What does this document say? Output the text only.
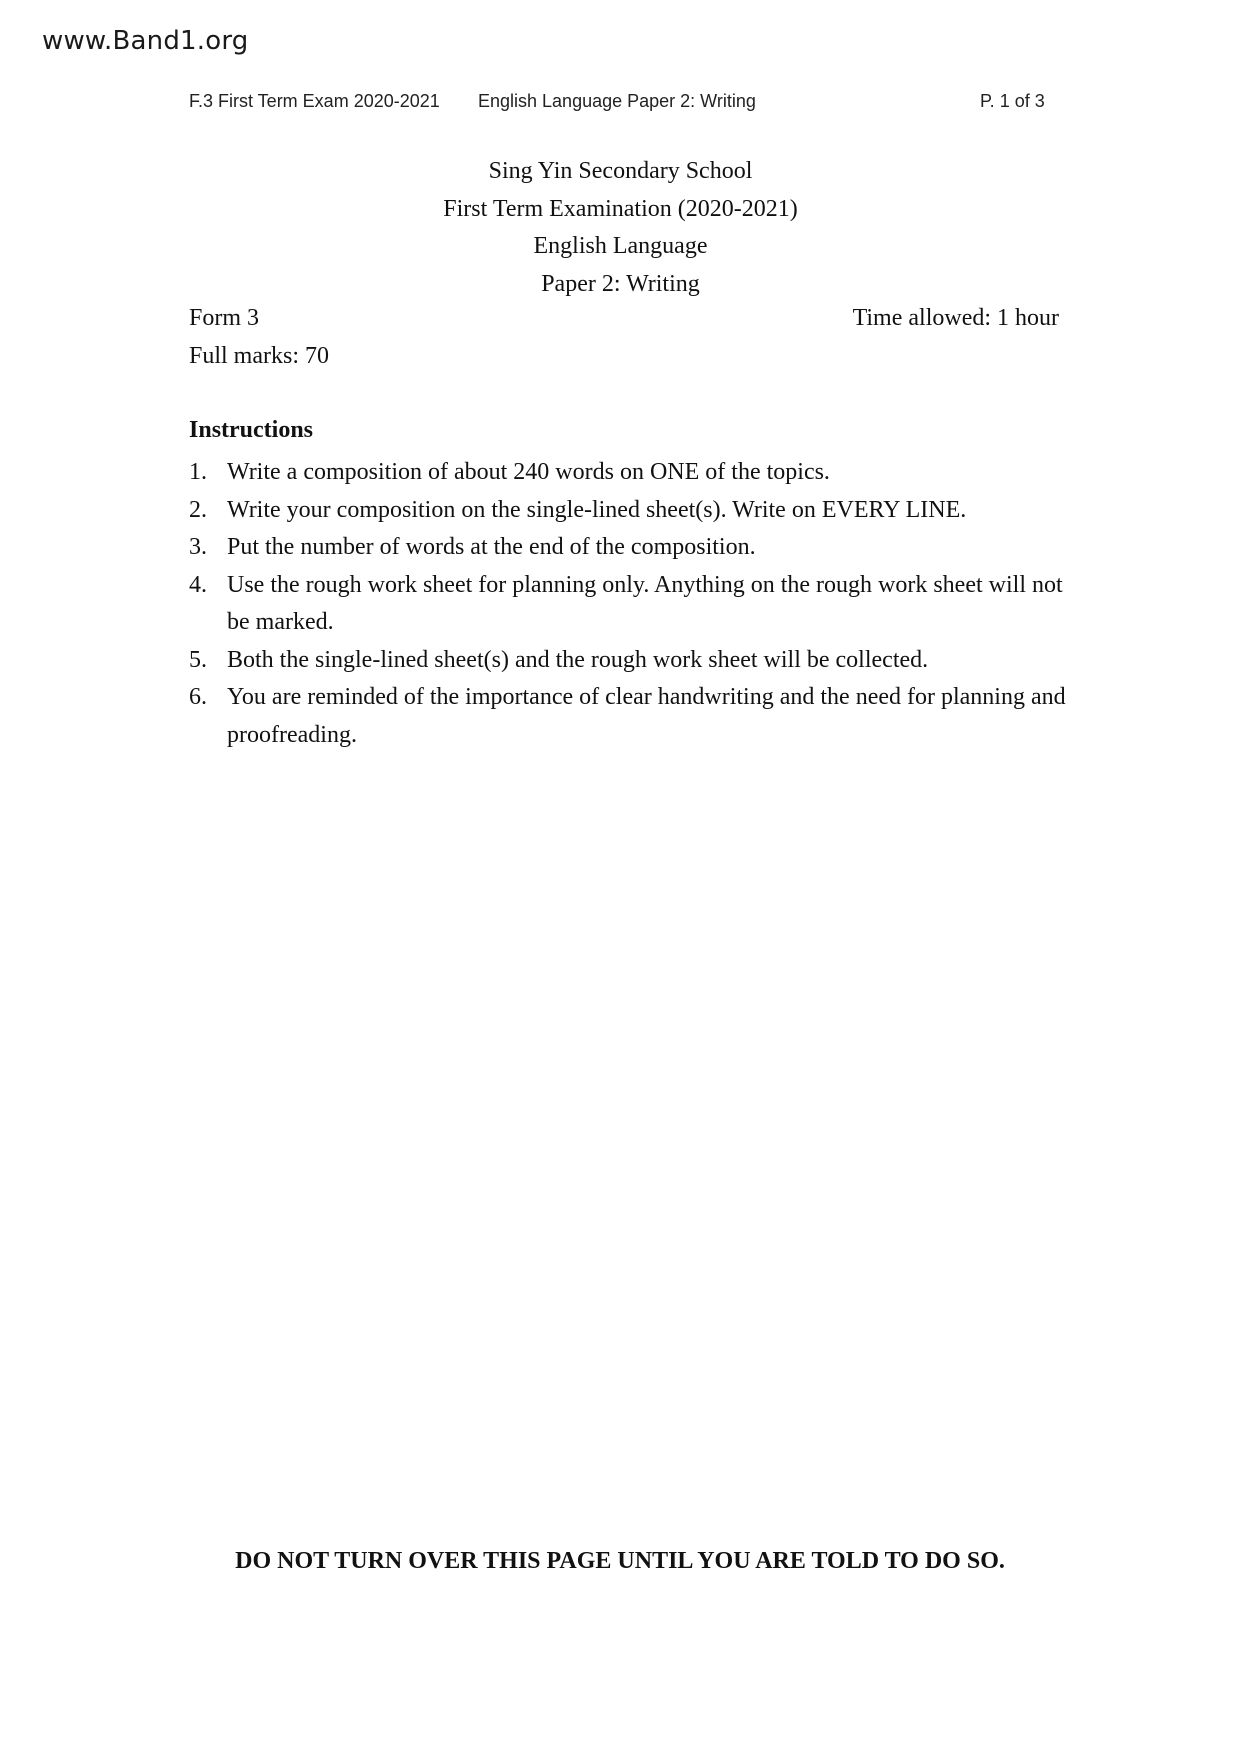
www.Band1.org
F.3 First Term Exam 2020-2021 English Language Paper 2: Writing	P. 1 of 3
Sing Yin Secondary School
First Term Examination (2020-2021)
English Language
Paper 2: Writing
Form 3
Full marks: 70
Time allowed: 1 hour
Instructions
1. Write a composition of about 240 words on ONE of the topics.
2. Write your composition on the single-lined sheet(s). Write on EVERY LINE.
3. Put the number of words at the end of the composition.
4. Use the rough work sheet for planning only. Anything on the rough work sheet will not be marked.
5. Both the single-lined sheet(s) and the rough work sheet will be collected.
6. You are reminded of the importance of clear handwriting and the need for planning and proofreading.
DO NOT TURN OVER THIS PAGE UNTIL YOU ARE TOLD TO DO SO.
